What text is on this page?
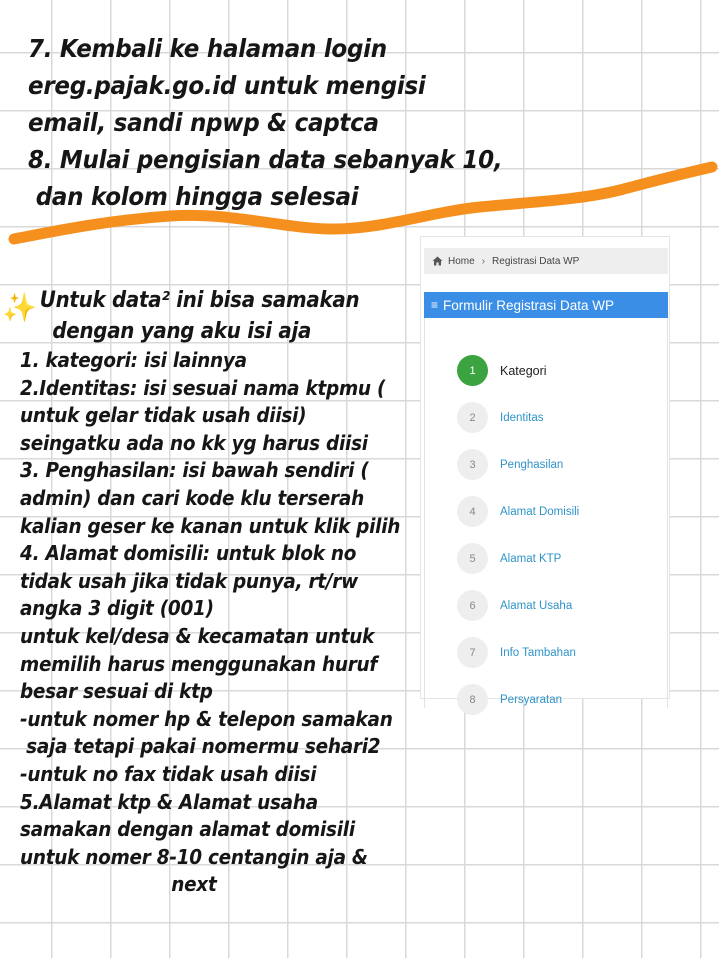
7. Kembali ke halaman login
ereg.pajak.go.id untuk mengisi
email, sandi npwp & captca
8. Mulai pengisian data sebanyak 10,
dan kolom hingga selesai
✨ Untuk data² ini bisa samakan
dengan yang aku isi aja
1. kategori: isi lainnya
2.Identitas: isi sesuai nama ktpmu (
untuk gelar tidak usah diisi)
seingatku ada no kk yg harus diisi
3. Penghasilan: isi bawah sendiri (
admin) dan cari kode klu terserah
kalian geser ke kanan untuk klik pilih
4. Alamat domisili: untuk blok no
tidak usah jika tidak punya, rt/rw
angka 3 digit (001)
untuk kel/desa & kecamatan untuk
memilih harus menggunakan huruf
besar sesuai di ktp
-untuk nomer hp & telepon samakan
saja tetapi pakai nomermu sehari2
-untuk no fax tidak usah diisi
5.Alamat ktp & Alamat usaha
samakan dengan alamat domisili
untuk nomer 8-10 centangin aja &
next
Home › Registrasi Data WP
≡ Formulir Registrasi Data WP
1	Kategori
2	Identitas
3	Penghasilan
4	Alamat Domisili
5	Alamat KTP
6	Alamat Usaha
7	Info Tambahan
8	Persyaratan
